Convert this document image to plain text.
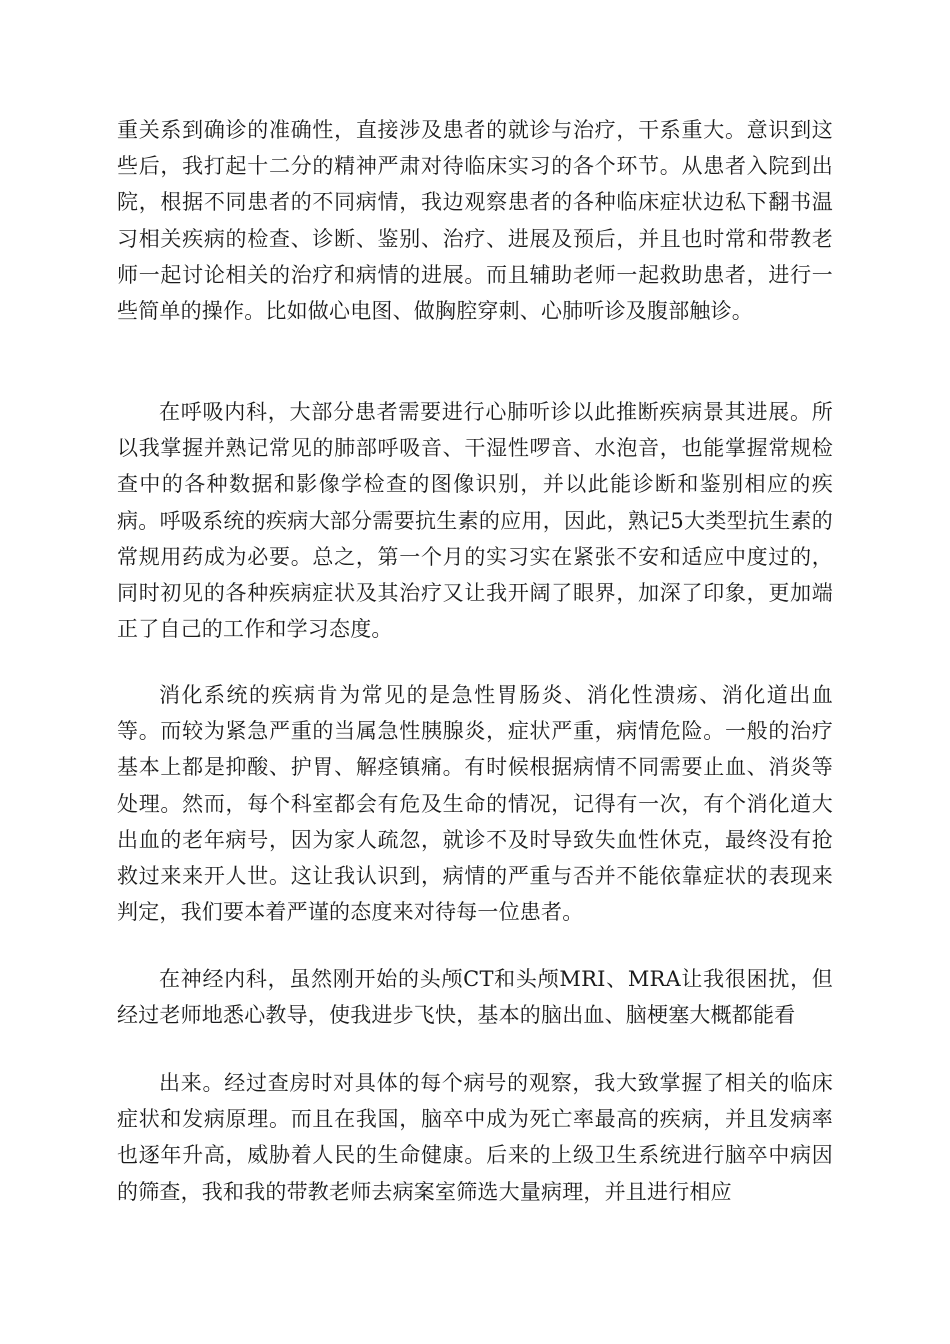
重关系到确诊的准确性，直接涉及患者的就诊与治疗，干系重大。意识到这些后，我打起十二分的精神严肃对待临床实习的各个环节。从患者入院到出院，根据不同患者的不同病情，我边观察患者的各种临床症状边私下翻书温习相关疾病的检查、诊断、鉴别、治疗、进展及预后，并且也时常和带教老师一起讨论相关的治疗和病情的进展。而且辅助老师一起救助患者，进行一些简单的操作。比如做心电图、做胸腔穿刺、心肺听诊及腹部触诊。

在呼吸内科，大部分患者需要进行心肺听诊以此推断疾病景其进展。所以我掌握并熟记常见的肺部呼吸音、干湿性啰音、水泡音，也能掌握常规检查中的各种数据和影像学检查的图像识别，并以此能诊断和鉴别相应的疾病。呼吸系统的疾病大部分需要抗生素的应用，因此，熟记5大类型抗生素的常规用药成为必要。总之，第一个月的实习实在紧张不安和适应中度过的，同时初见的各种疾病症状及其治疗又让我开阔了眼界，加深了印象，更加端正了自己的工作和学习态度。

消化系统的疾病肯为常见的是急性胃肠炎、消化性溃疡、消化道出血等。而较为紧急严重的当属急性胰腺炎，症状严重，病情危险。一般的治疗基本上都是抑酸、护胃、解痉镇痛。有时候根据病情不同需要止血、消炎等处理。然而，每个科室都会有危及生命的情况，记得有一次，有个消化道大出血的老年病号，因为家人疏忽，就诊不及时导致失血性休克，最终没有抢救过来来开人世。这让我认识到，病情的严重与否并不能依靠症状的表现来判定，我们要本着严谨的态度来对待每一位患者。

在神经内科，虽然刚开始的头颅CT和头颅MRI、MRA让我很困扰，但经过老师地悉心教导，使我进步飞快，基本的脑出血、脑梗塞大概都能看

出来。经过查房时对具体的每个病号的观察，我大致掌握了相关的临床症状和发病原理。而且在我国，脑卒中成为死亡率最高的疾病，并且发病率也逐年升高，威胁着人民的生命健康。后来的上级卫生系统进行脑卒中病因的筛查，我和我的带教老师去病案室筛选大量病理，并且进行相应
